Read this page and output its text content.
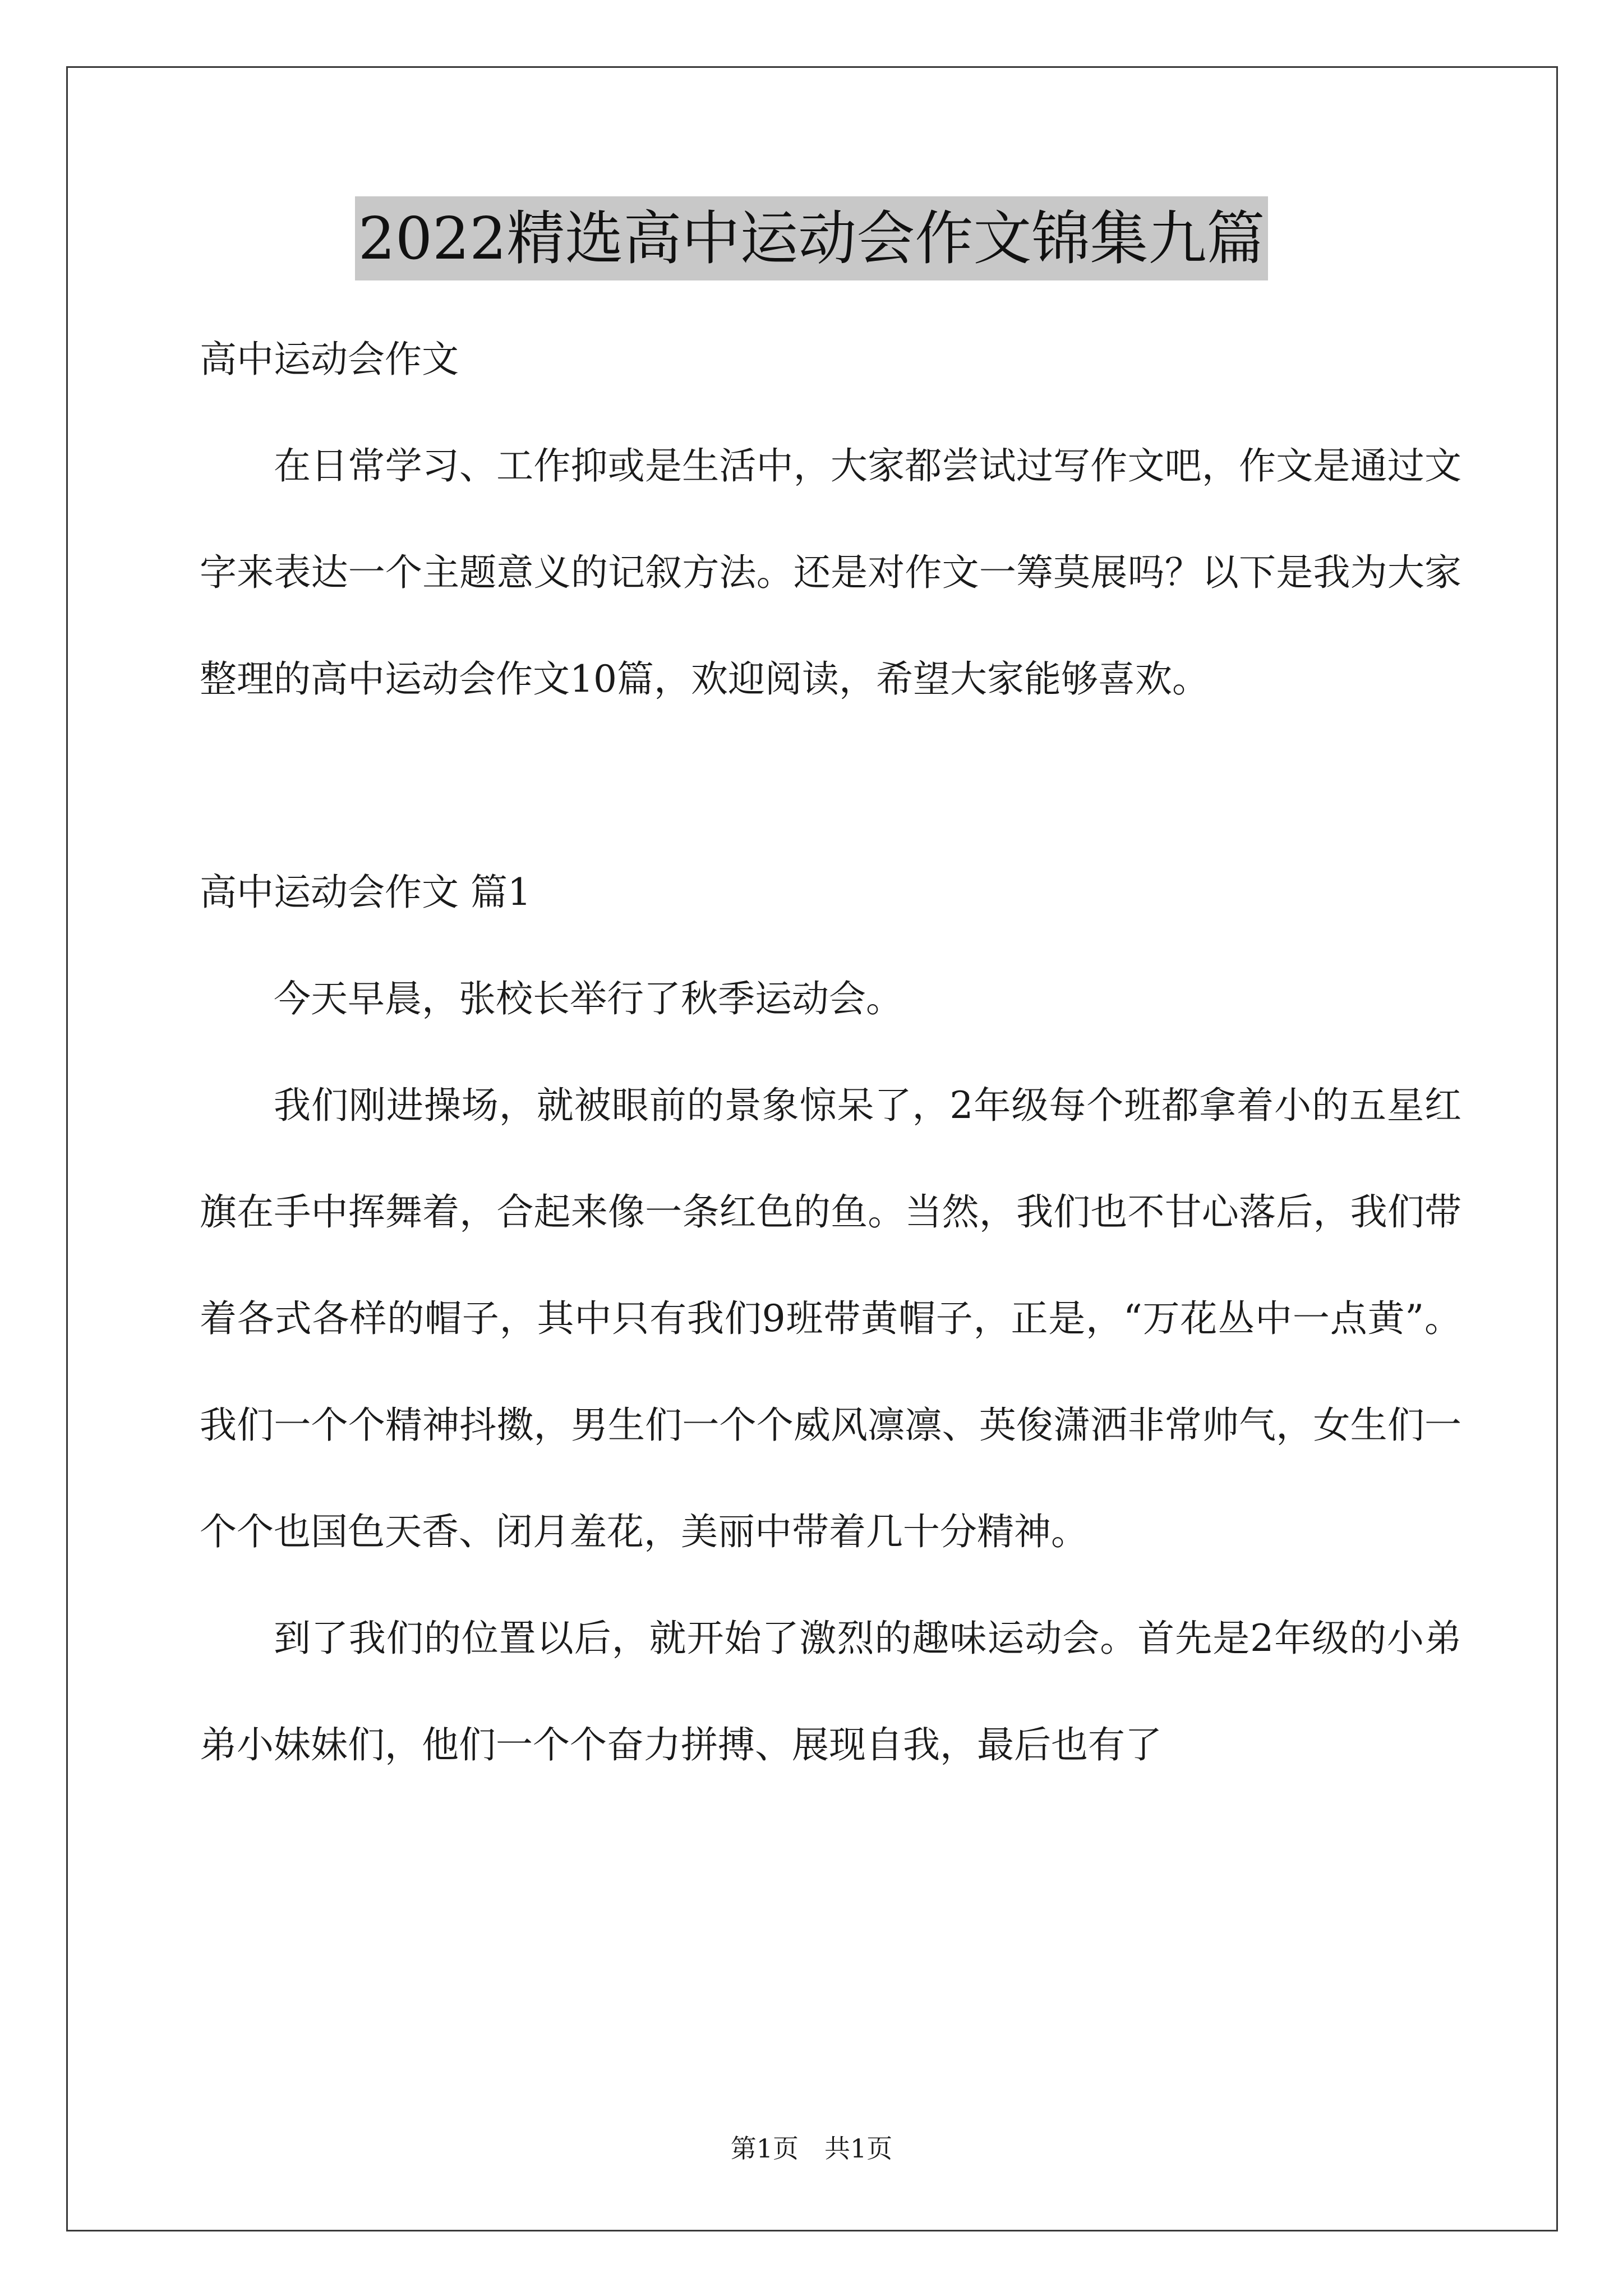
2022精选高中运动会作文锦集九篇

高中运动会作文

在日常学习、工作抑或是生活中，大家都尝试过写作文吧，作文是通过文字来表达一个主题意义的记叙方法。还是对作文一筹莫展吗？以下是我为大家整理的高中运动会作文10篇，欢迎阅读，希望大家能够喜欢。

高中运动会作文 篇1

今天早晨，张校长举行了秋季运动会。

我们刚进操场，就被眼前的景象惊呆了，2年级每个班都拿着小的五星红旗在手中挥舞着，合起来像一条红色的鱼。当然，我们也不甘心落后，我们带着各式各样的帽子，其中只有我们9班带黄帽子，正是，“万花丛中一点黄”。我们一个个精神抖擞，男生们一个个威风凛凛、英俊潇洒非常帅气，女生们一个个也国色天香、闭月羞花，美丽中带着几十分精神。

到了我们的位置以后，就开始了激烈的趣味运动会。首先是2年级的小弟弟小妹妹们，他们一个个奋力拼搏、展现自我，最后也有了

第1页　共1页
